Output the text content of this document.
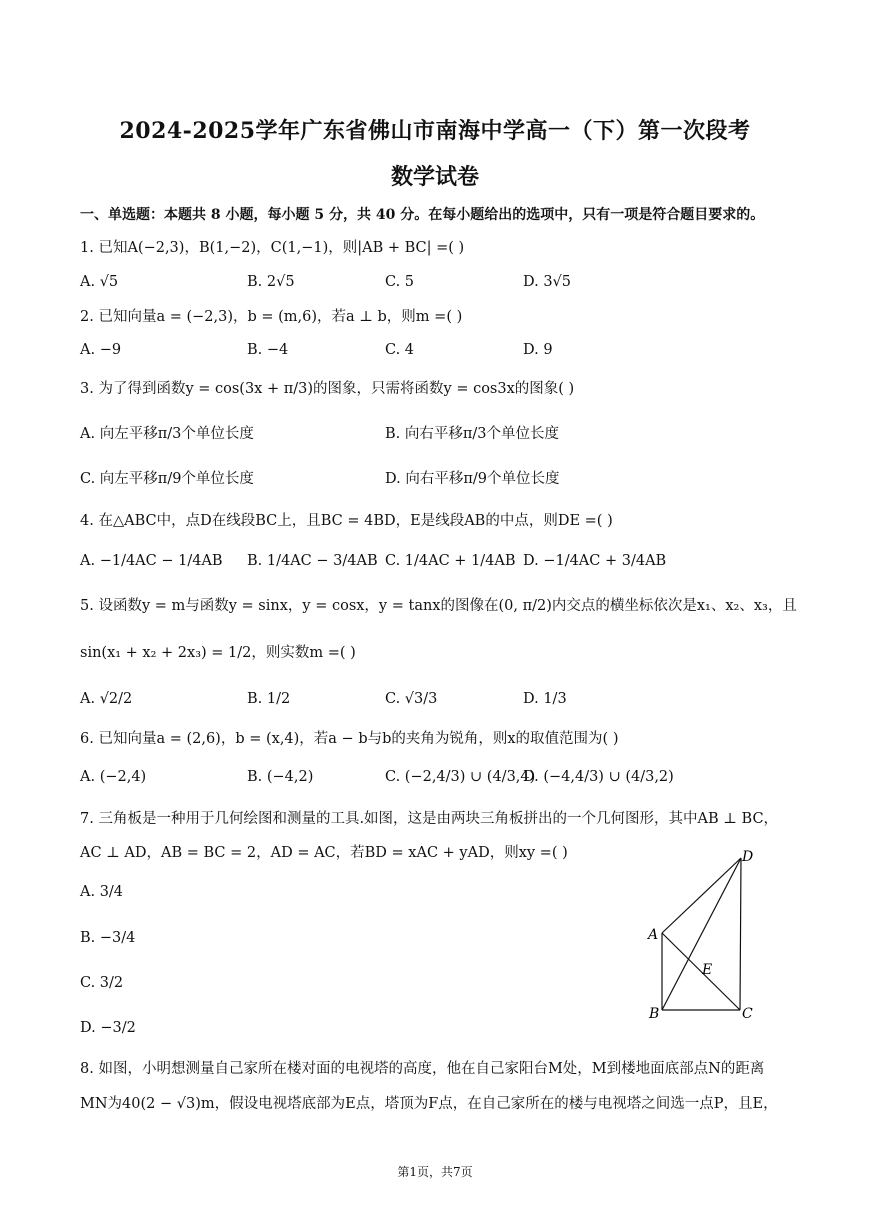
2024-2025学年广东省佛山市南海中学高一（下）第一次段考
数学试卷
一、单选题：本题共 8 小题，每小题 5 分，共 40 分。在每小题给出的选项中，只有一项是符合题目要求的。
1. 已知A(−2,3)，B(1,−2)，C(1,−1)，则|AB + BC| =( )
A. √5	B. 2√5	C. 5	D. 3√5
2. 已知向量a = (−2,3)，b = (m,6)，若a ⊥ b，则m =( )
A. −9	B. −4	C. 4	D. 9
3. 为了得到函数y = cos(3x + π/3)的图象，只需将函数y = cos3x的图象( )
A. 向左平移π/3个单位长度	B. 向右平移π/3个单位长度
C. 向左平移π/9个单位长度	D. 向右平移π/9个单位长度
4. 在△ABC中，点D在线段BC上，且BC = 4BD，E是线段AB的中点，则DE =( )
A. −1/4AC − 1/4AB B. 1/4AC − 3/4AB C. 1/4AC + 1/4AB D. −1/4AC + 3/4AB
5. 设函数y = m与函数y = sinx，y = cosx，y = tanx的图像在(0, π/2)内交点的横坐标依次是x₁、x₂、x₃，且
sin(x₁ + x₂ + 2x₃) = 1/2，则实数m =( )
A. √2/2	B. 1/2	C. √3/3	D. 1/3
6. 已知向量a = (2,6)，b = (x,4)，若a − b与b的夹角为锐角，则x的取值范围为( )
A. (−2,4)	B. (−4,2)	C. (−2,4/3) ∪ (4/3,4)
D. (−4,4/3) ∪ (4/3,2)
7. 三角板是一种用于几何绘图和测量的工具.如图，这是由两块三角板拼出的一个几何图形，其中AB ⊥ BC，
AC ⊥ AD，AB = BC = 2，AD = AC，若BD = xAC + yAD，则xy =( )
A. 3/4
B. −3/4
C. 3/2
D. −3/2
D
A
E
B	C
8. 如图，小明想测量自己家所在楼对面的电视塔的高度，他在自己家阳台M处，M到楼地面底部点N的距离
MN为40(2 − √3)m，假设电视塔底部为E点，塔顶为F点，在自己家所在的楼与电视塔之间选一点P，且E，
第1页，共7页
